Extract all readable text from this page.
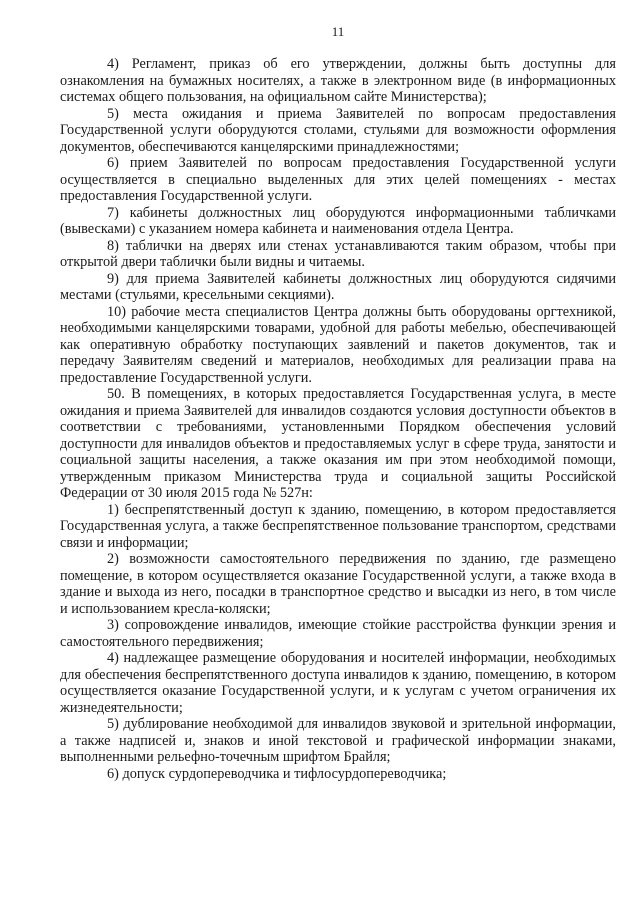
11

4) Регламент, приказ об его утверждении, должны быть доступны для ознакомления на бумажных носителях, а также в электронном виде (в информационных системах общего пользования, на официальном сайте Министерства);

5) места ожидания и приема Заявителей по вопросам предоставления Государственной услуги оборудуются столами, стульями для возможности оформления документов, обеспечиваются канцелярскими принадлежностями;

6) прием Заявителей по вопросам предоставления Государственной услуги осуществляется в специально выделенных для этих целей помещениях - местах предоставления Государственной услуги.

7) кабинеты должностных лиц оборудуются информационными табличками (вывесками) с указанием номера кабинета и наименования отдела Центра.

8) таблички на дверях или стенах устанавливаются таким образом, чтобы при открытой двери таблички были видны и читаемы.

9) для приема Заявителей кабинеты должностных лиц оборудуются сидячими местами (стульями, кресельными секциями).

10) рабочие места специалистов Центра должны быть оборудованы оргтехникой, необходимыми канцелярскими товарами, удобной для работы мебелью, обеспечивающей как оперативную обработку поступающих заявлений и пакетов документов, так и передачу Заявителям сведений и материалов, необходимых для реализации права на предоставление Государственной услуги.

50. В помещениях, в которых предоставляется Государственная услуга, в месте ожидания и приема Заявителей для инвалидов создаются условия доступности объектов в соответствии с требованиями, установленными Порядком обеспечения условий доступности для инвалидов объектов и предоставляемых услуг в сфере труда, занятости и социальной защиты населения, а также оказания им при этом необходимой помощи, утвержденным приказом Министерства труда и социальной защиты Российской Федерации от 30 июля 2015 года № 527н:

1) беспрепятственный доступ к зданию, помещению, в котором предоставляется Государственная услуга, а также беспрепятственное пользование транспортом, средствами связи и информации;

2) возможности самостоятельного передвижения по зданию, где размещено помещение, в котором осуществляется оказание Государственной услуги, а также входа в здание и выхода из него, посадки в транспортное средство и высадки из него, в том числе и использованием кресла-коляски;

3) сопровождение инвалидов, имеющие стойкие расстройства функции зрения и самостоятельного передвижения;

4) надлежащее размещение оборудования и носителей информации, необходимых для обеспечения беспрепятственного доступа инвалидов к зданию, помещению, в котором осуществляется оказание Государственной услуги, и к услугам с учетом ограничения их жизнедеятельности;

5) дублирование необходимой для инвалидов звуковой и зрительной информации, а также надписей и, знаков и иной текстовой и графической информации знаками, выполненными рельефно-точечным шрифтом Брайля;

6) допуск сурдопереводчика и тифлосурдопереводчика;
